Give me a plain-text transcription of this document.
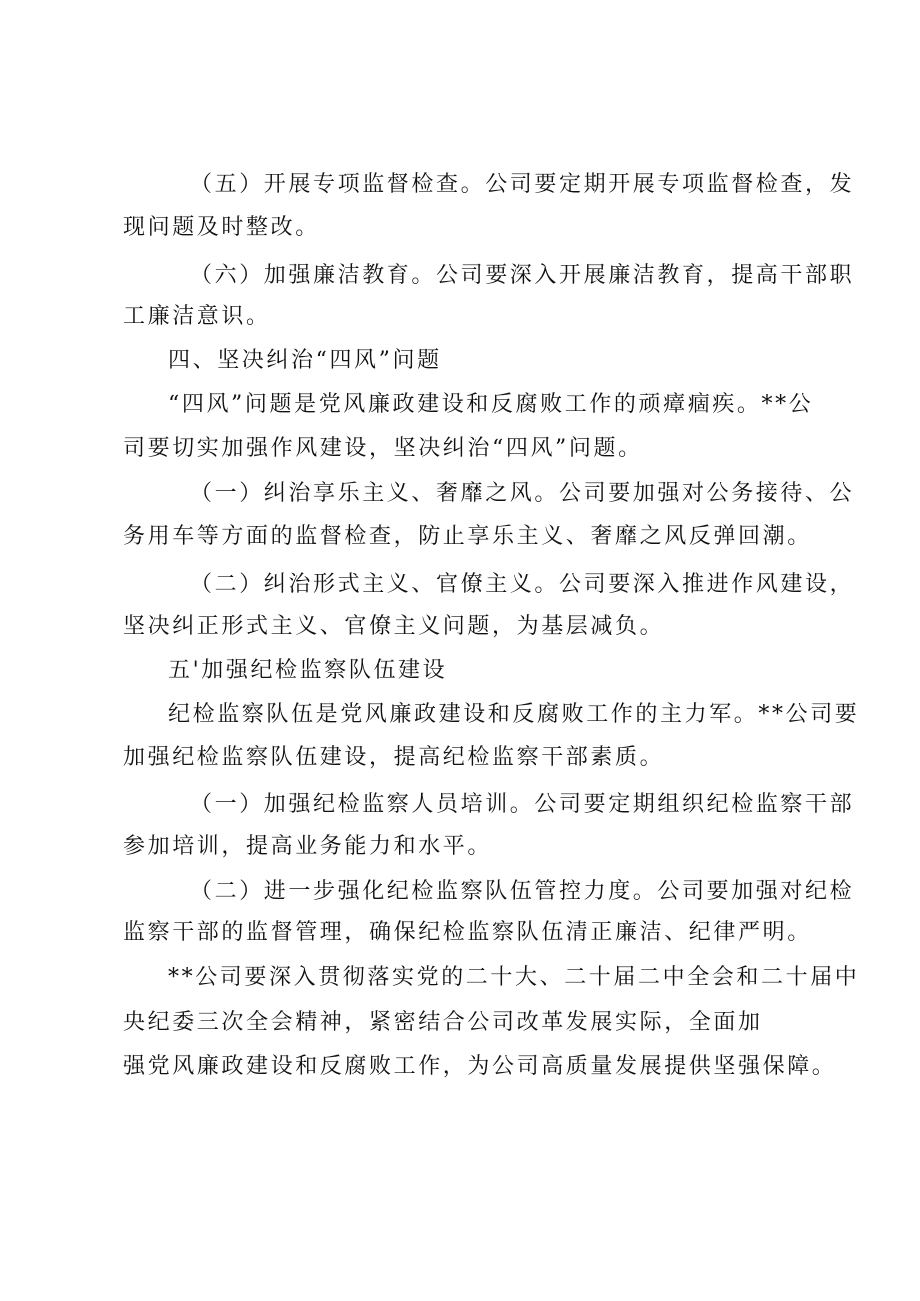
（五）开展专项监督检查。公司要定期开展专项监督检查，发
现问题及时整改。
（六）加强廉洁教育。公司要深入开展廉洁教育，提高干部职
工廉洁意识。
四、坚决纠治“四风”问题
“四风”问题是党风廉政建设和反腐败工作的顽瘴痼疾。**公
司要切实加强作风建设，坚决纠治“四风”问题。
（一）纠治享乐主义、奢靡之风。公司要加强对公务接待、公
务用车等方面的监督检查，防止享乐主义、奢靡之风反弹回潮。
（二）纠治形式主义、官僚主义。公司要深入推进作风建设，
坚决纠正形式主义、官僚主义问题，为基层减负。
五'加强纪检监察队伍建设
纪检监察队伍是党风廉政建设和反腐败工作的主力军。**公司要
加强纪检监察队伍建设，提高纪检监察干部素质。
（一）加强纪检监察人员培训。公司要定期组织纪检监察干部
参加培训，提高业务能力和水平。
（二）进一步强化纪检监察队伍管控力度。公司要加强对纪检
监察干部的监督管理，确保纪检监察队伍清正廉洁、纪律严明。
**公司要深入贯彻落实党的二十大、二十届二中全会和二十届中
央纪委三次全会精神，紧密结合公司改革发展实际，全面加
强党风廉政建设和反腐败工作，为公司高质量发展提供坚强保障。
